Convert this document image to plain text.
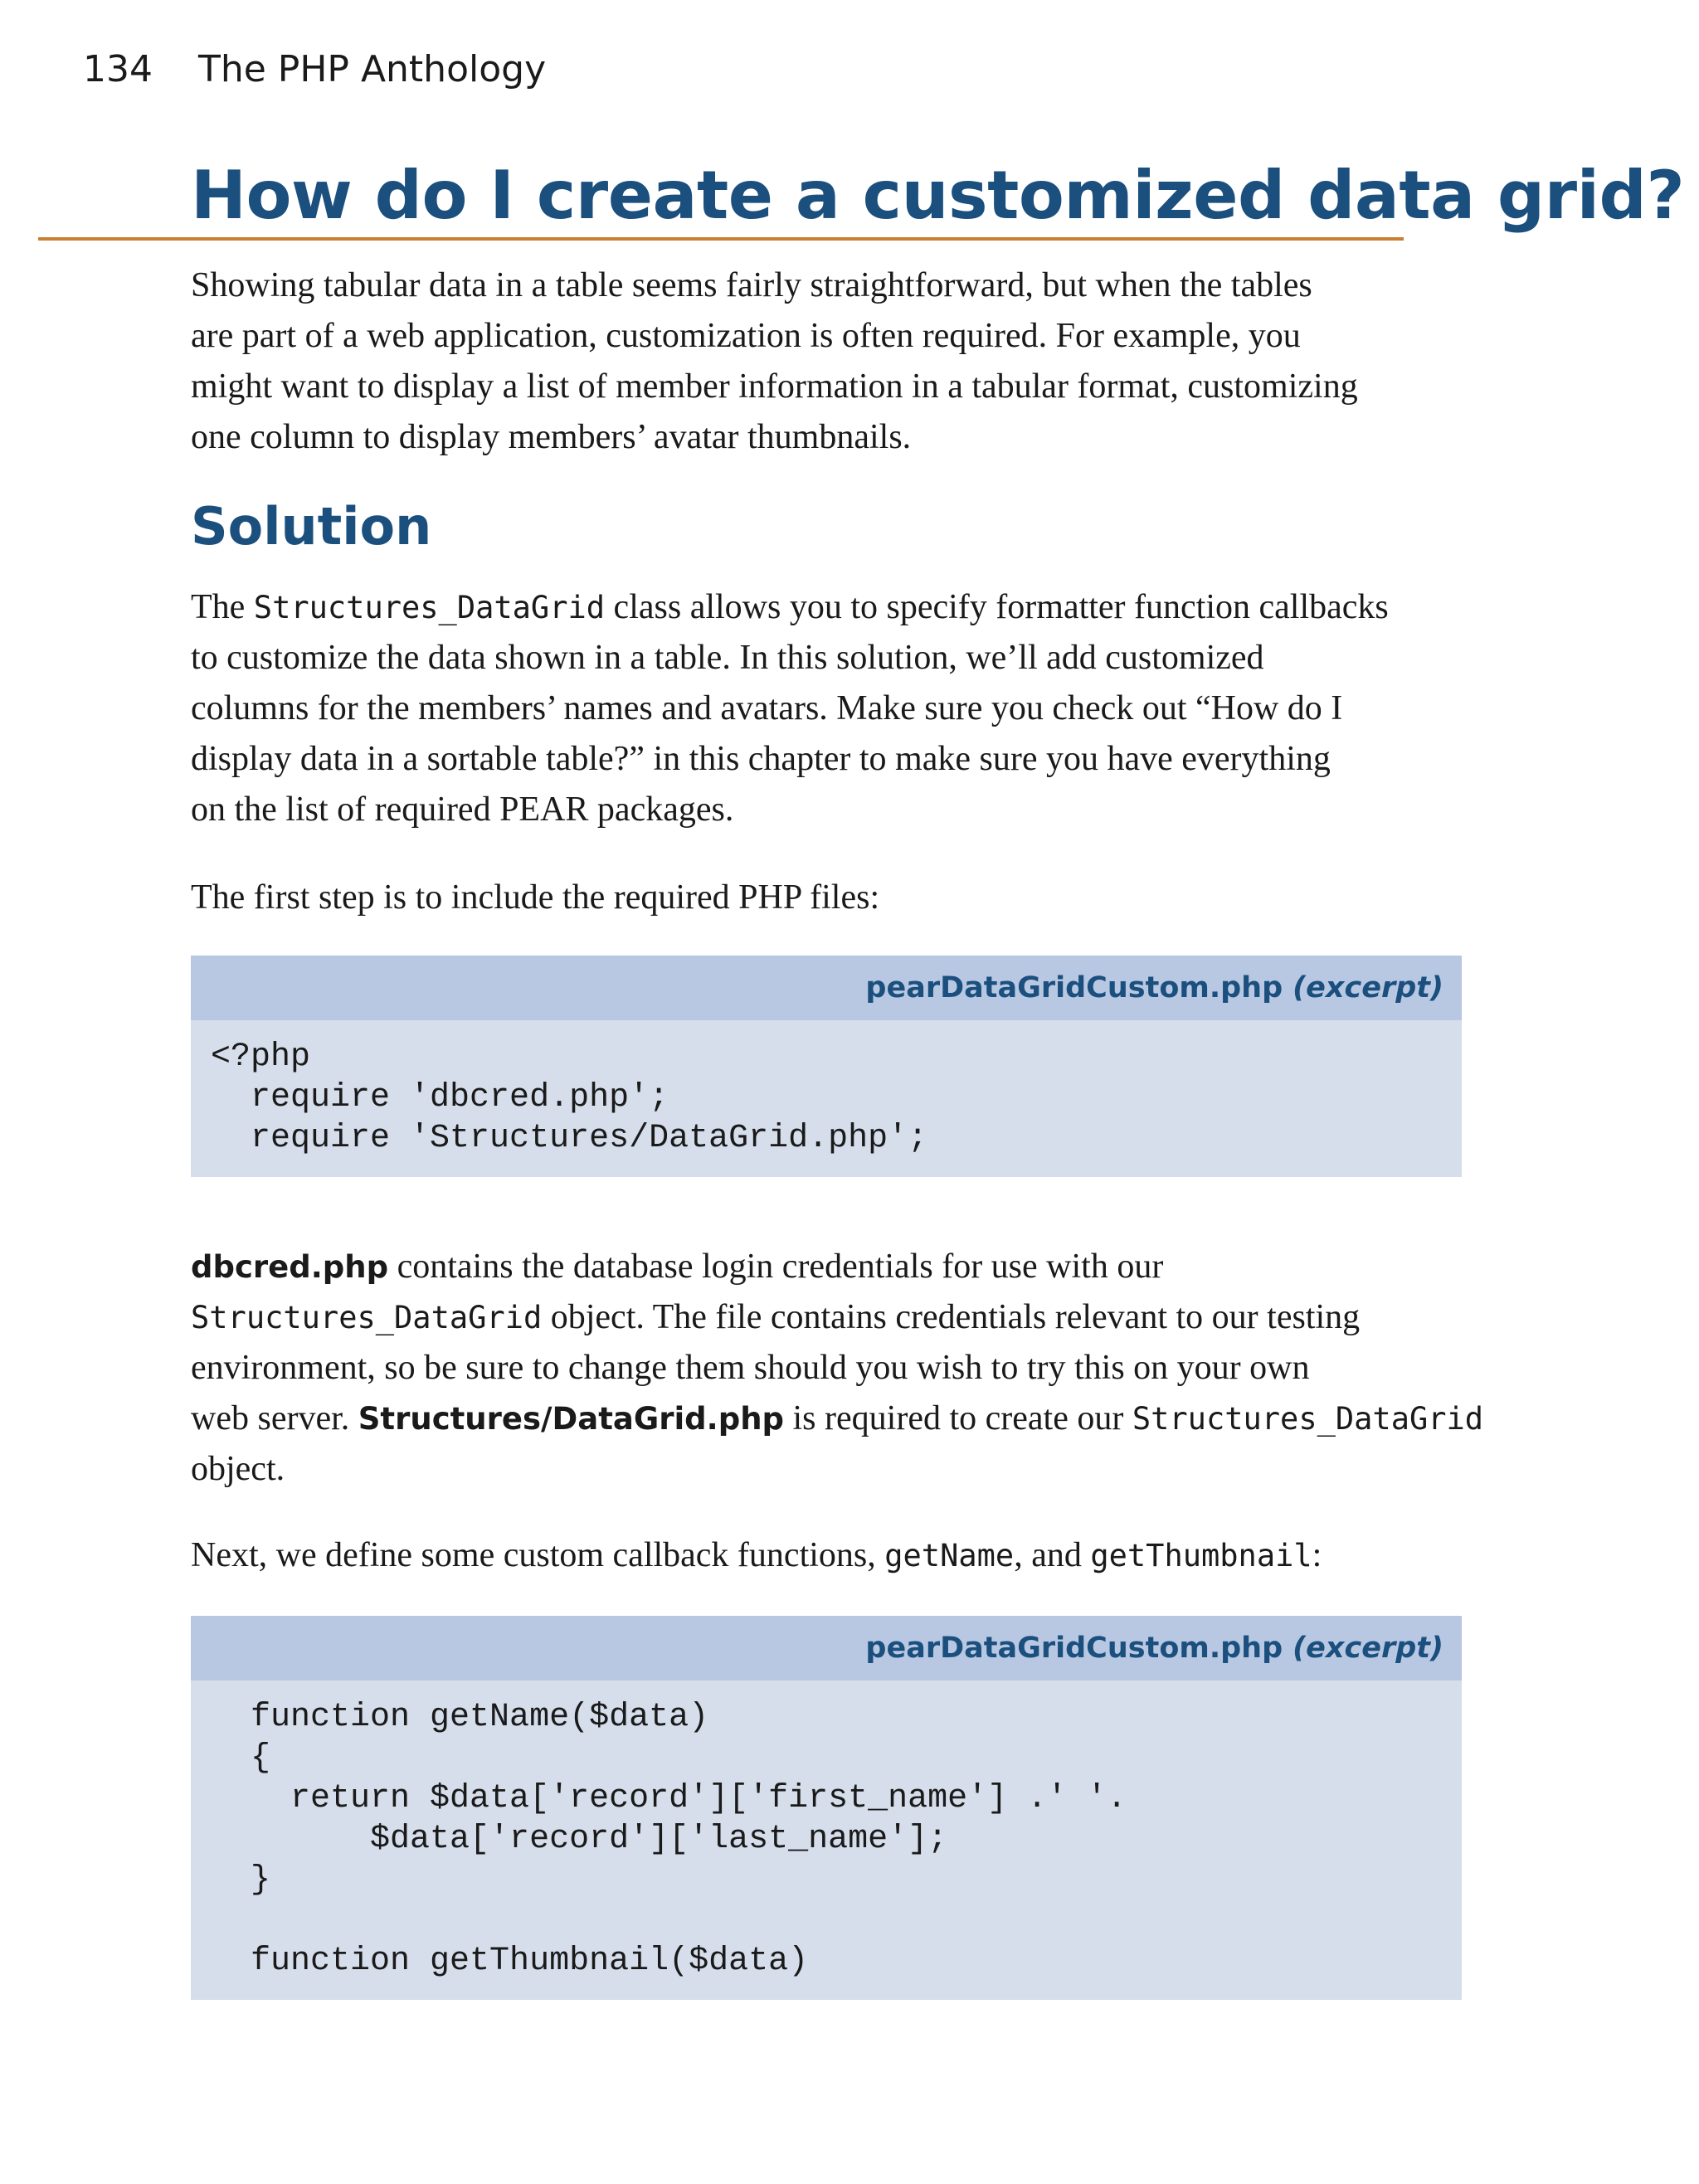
134 The PHP Anthology
How do I create a customized data grid?

Showing tabular data in a table seems fairly straightforward, but when the tables
are part of a web application, customization is often required. For example, you
might want to display a list of member information in a tabular format, customizing
one column to display members’ avatar thumbnails.

Solution

The Structures_DataGrid class allows you to specify formatter function callbacks
to customize the data shown in a table. In this solution, we’ll add customized
columns for the members’ names and avatars. Make sure you check out “How do I
display data in a sortable table?” in this chapter to make sure you have everything
on the list of required PEAR packages.

The first step is to include the required PHP files:

pearDataGridCustom.php (excerpt)
<?php
require 'dbcred.php';
require 'Structures/DataGrid.php';

dbcred.php contains the database login credentials for use with our
Structures_DataGrid object. The file contains credentials relevant to our testing
environment, so be sure to change them should you wish to try this on your own
web server. Structures/DataGrid.php is required to create our Structures_DataGrid
object.

Next, we define some custom callback functions, getName, and getThumbnail:

pearDataGridCustom.php (excerpt)
function getName($data)
{
return $data['record']['first_name'] .' '.
$data['record']['last_name'];
}

function getThumbnail($data)
